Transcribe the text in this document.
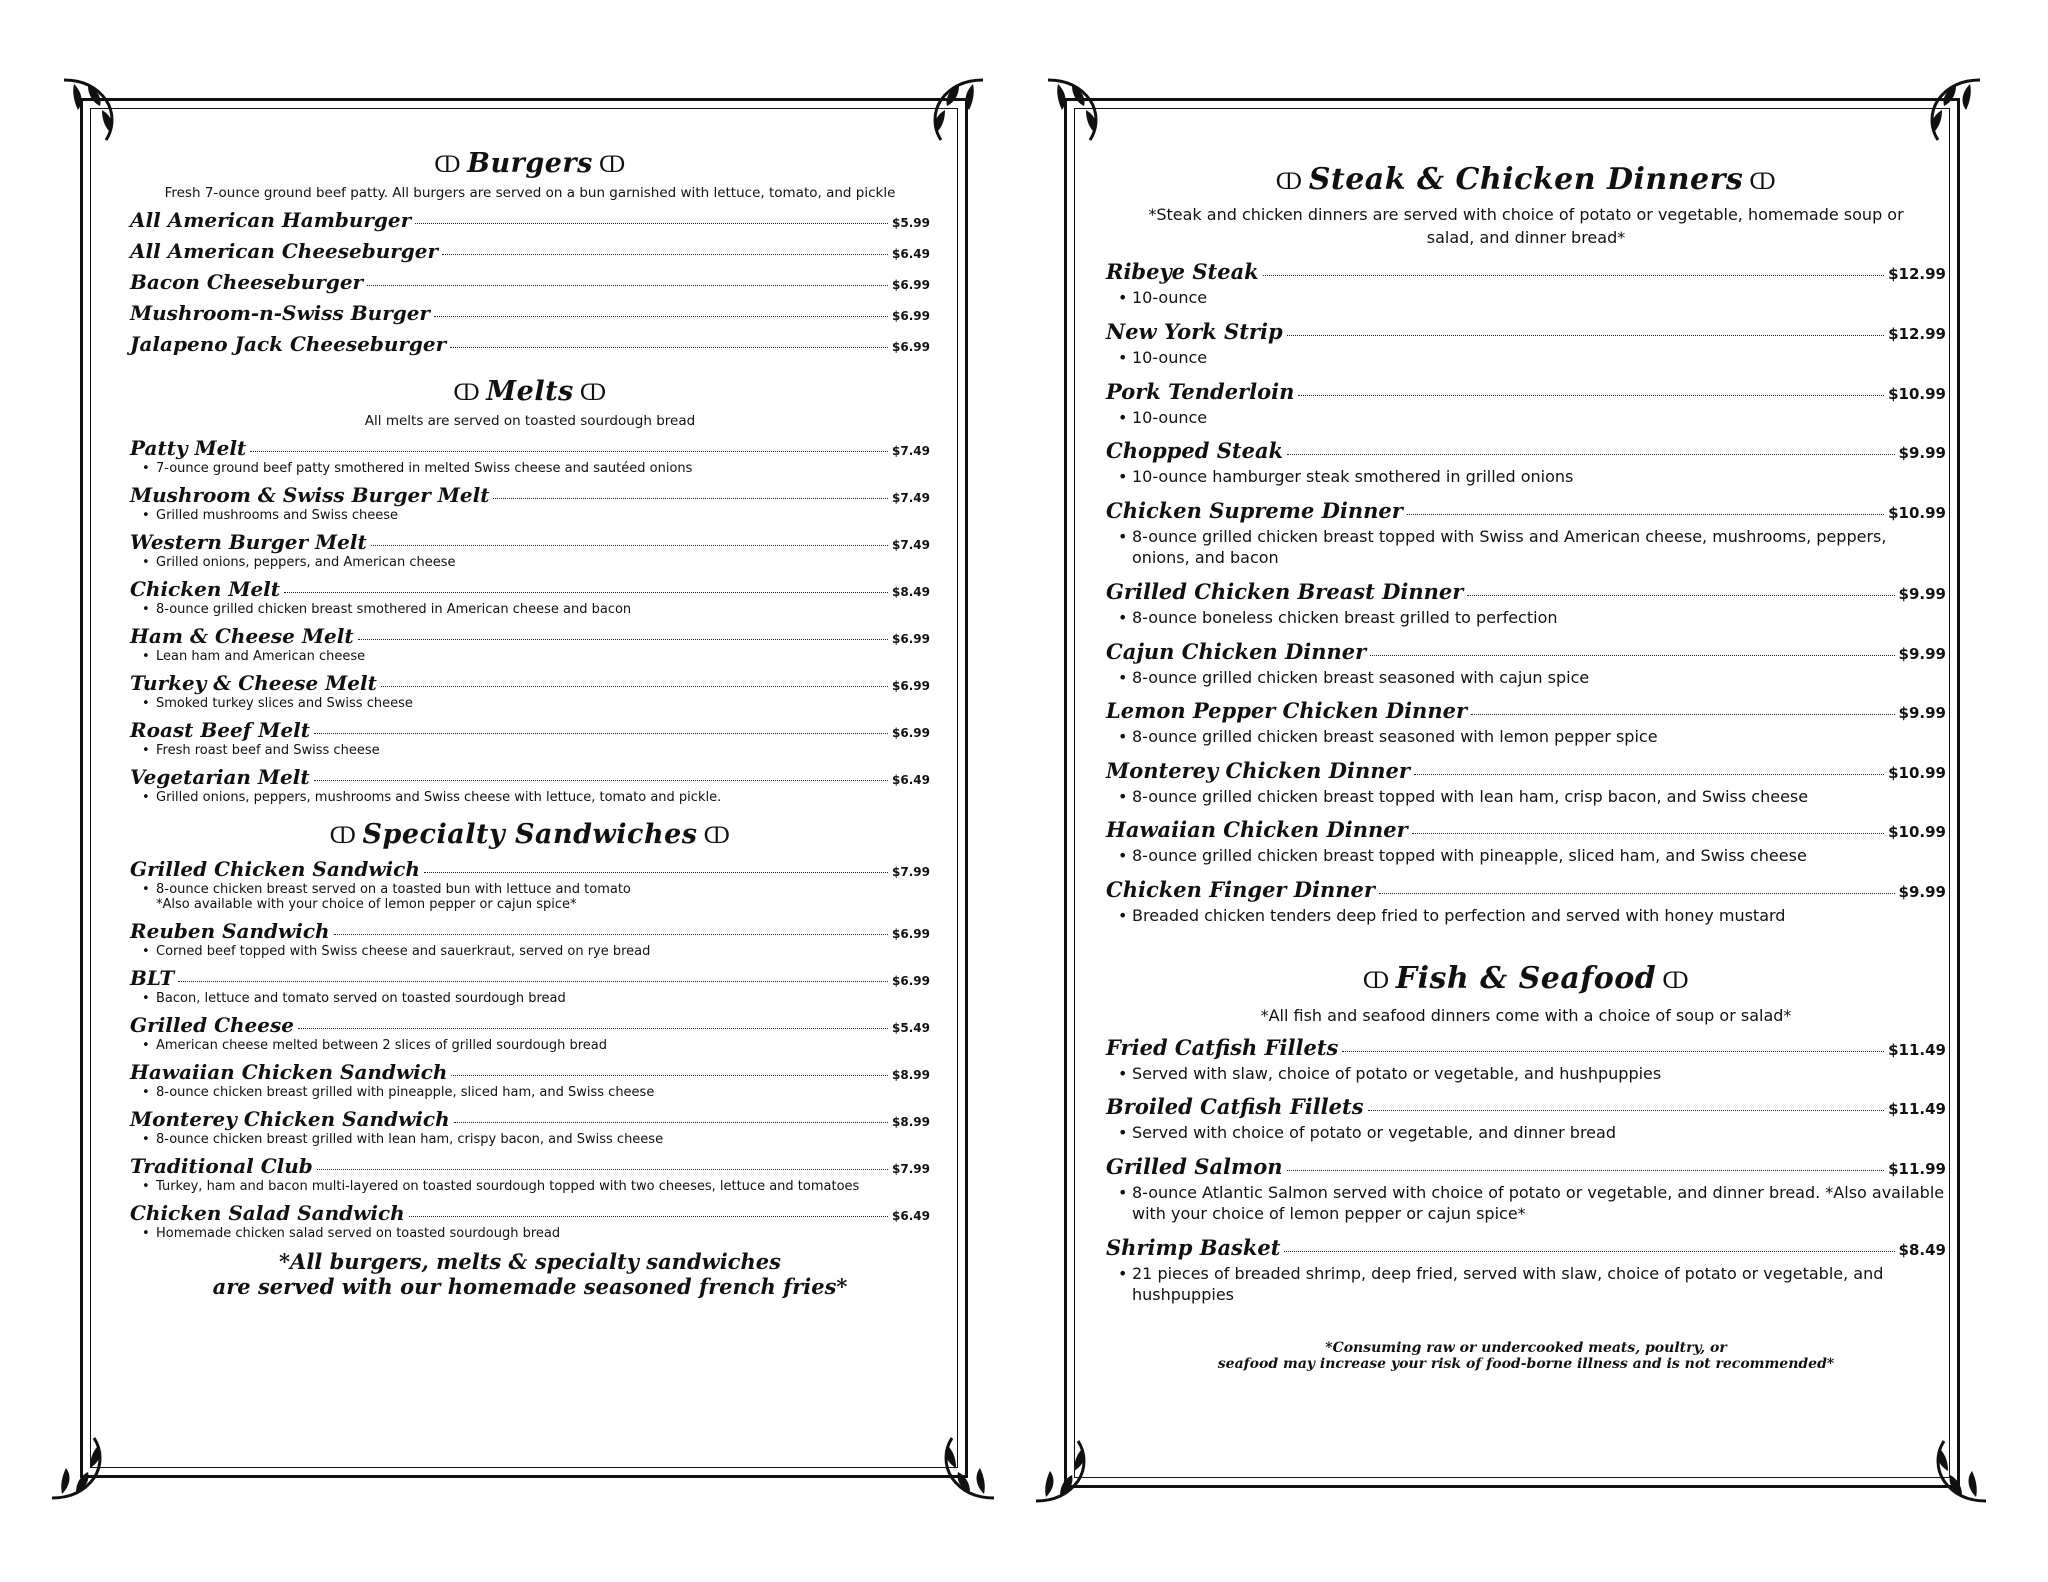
ↀ Burgers ↀ
Fresh 7-ounce ground beef patty. All burgers are served on a bun garnished with lettuce, tomato, and pickle
All American Hamburger	$5.99
All American Cheeseburger	$6.49
Bacon Cheeseburger	$6.99
Mushroom-n-Swiss Burger	$6.99
Jalapeno Jack Cheeseburger	$6.99
ↀ Melts ↀ
All melts are served on toasted sourdough bread
Patty Melt	$7.49
• 7-ounce ground beef patty smothered in melted Swiss cheese and sautéed onions
Mushroom & Swiss Burger Melt	$7.49
• Grilled mushrooms and Swiss cheese
Western Burger Melt	$7.49
• Grilled onions, peppers, and American cheese
Chicken Melt	$8.49
• 8-ounce grilled chicken breast smothered in American cheese and bacon
Ham & Cheese Melt	$6.99
• Lean ham and American cheese
Turkey & Cheese Melt	$6.99
• Smoked turkey slices and Swiss cheese
Roast Beef Melt	$6.99
• Fresh roast beef and Swiss cheese
Vegetarian Melt	$6.49
• Grilled onions, peppers, mushrooms and Swiss cheese with lettuce, tomato and pickle.
ↀ Specialty Sandwiches ↀ
Grilled Chicken Sandwich	$7.99
• 8-ounce chicken breast served on a toasted bun with lettuce and tomato
*Also available with your choice of lemon pepper or cajun spice*
Reuben Sandwich	$6.99
• Corned beef topped with Swiss cheese and sauerkraut, served on rye bread
BLT	$6.99
• Bacon, lettuce and tomato served on toasted sourdough bread
Grilled Cheese	$5.49
• American cheese melted between 2 slices of grilled sourdough bread
Hawaiian Chicken Sandwich	$8.99
• 8-ounce chicken breast grilled with pineapple, sliced ham, and Swiss cheese
Monterey Chicken Sandwich	$8.99
• 8-ounce chicken breast grilled with lean ham, crispy bacon, and Swiss cheese
Traditional Club	$7.99
• Turkey, ham and bacon multi-layered on toasted sourdough topped with two cheeses, lettuce and tomatoes
Chicken Salad Sandwich	$6.49
• Homemade chicken salad served on toasted sourdough bread
*All burgers, melts & specialty sandwiches
are served with our homemade seasoned french fries*
ↀ Steak & Chicken Dinners ↀ
*Steak and chicken dinners are served with choice of potato or vegetable, homemade soup or salad, and dinner bread*
Ribeye Steak	$12.99
• 10-ounce
New York Strip	$12.99
• 10-ounce
Pork Tenderloin	$10.99
• 10-ounce
Chopped Steak	$9.99
• 10-ounce hamburger steak smothered in grilled onions
Chicken Supreme Dinner	$10.99
• 8-ounce grilled chicken breast topped with Swiss and American cheese, mushrooms, peppers, onions, and bacon
Grilled Chicken Breast Dinner	$9.99
• 8-ounce boneless chicken breast grilled to perfection
Cajun Chicken Dinner	$9.99
• 8-ounce grilled chicken breast seasoned with cajun spice
Lemon Pepper Chicken Dinner	$9.99
• 8-ounce grilled chicken breast seasoned with lemon pepper spice
Monterey Chicken Dinner	$10.99
• 8-ounce grilled chicken breast topped with lean ham, crisp bacon, and Swiss cheese
Hawaiian Chicken Dinner	$10.99
• 8-ounce grilled chicken breast topped with pineapple, sliced ham, and Swiss cheese
Chicken Finger Dinner	$9.99
• Breaded chicken tenders deep fried to perfection and served with honey mustard
ↀ Fish & Seafood ↀ
*All fish and seafood dinners come with a choice of soup or salad*
Fried Catfish Fillets	$11.49
• Served with slaw, choice of potato or vegetable, and hushpuppies
Broiled Catfish Fillets	$11.49
• Served with choice of potato or vegetable, and dinner bread
Grilled Salmon	$11.99
• 8-ounce Atlantic Salmon served with choice of potato or vegetable, and dinner bread. *Also available with your choice of lemon pepper or cajun spice*
Shrimp Basket	$8.49
• 21 pieces of breaded shrimp, deep fried, served with slaw, choice of potato or vegetable, and hushpuppies
*Consuming raw or undercooked meats, poultry, or
seafood may increase your risk of food-borne illness and is not recommended*
